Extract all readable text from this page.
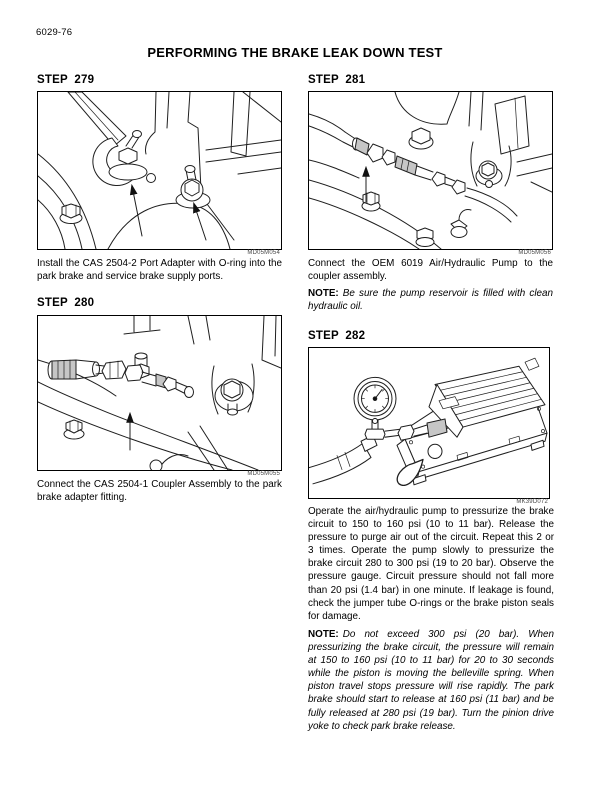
6029-76
PERFORMING THE BRAKE LEAK DOWN TEST
STEP  279
MD05M054

Install the CAS 2504-2 Port Adapter with O-ring into the park brake and service brake supply ports.

STEP  280
MD05M055

Connect the CAS 2504-1 Coupler Assembly to the park brake adapter fitting.

STEP  281
MD05M056

Connect the OEM 6019 Air/Hydraulic Pump to the coupler assembly.

NOTE: Be sure the pump reservoir is filled with clean hydraulic oil.

STEP  282
MK39D072

Operate the air/hydraulic pump to pressurize the brake circuit to 150 to 160 psi (10 to 11 bar). Release the pressure to purge air out of the circuit. Repeat this 2 or 3 times. Operate the pump slowly to pressurize the brake circuit 280 to 300 psi (19 to 20 bar). Observe the pressure gauge. Circuit pressure should not fall more than 20 psi (1.4 bar) in one minute. If leakage is found, check the jumper tube O-rings or the brake piston seals for damage.

NOTE: Do not exceed 300 psi (20 bar). When pressurizing the brake circuit, the pressure will remain at 150 to 160 psi (10 to 11 bar) for 20 to 30 seconds while the piston is moving the belleville spring. When piston travel stops pressure will rise rapidly. The park brake should start to release at 160 psi (11 bar) and be fully released at 280 psi (19 bar). Turn the pinion drive yoke to check park brake release.
